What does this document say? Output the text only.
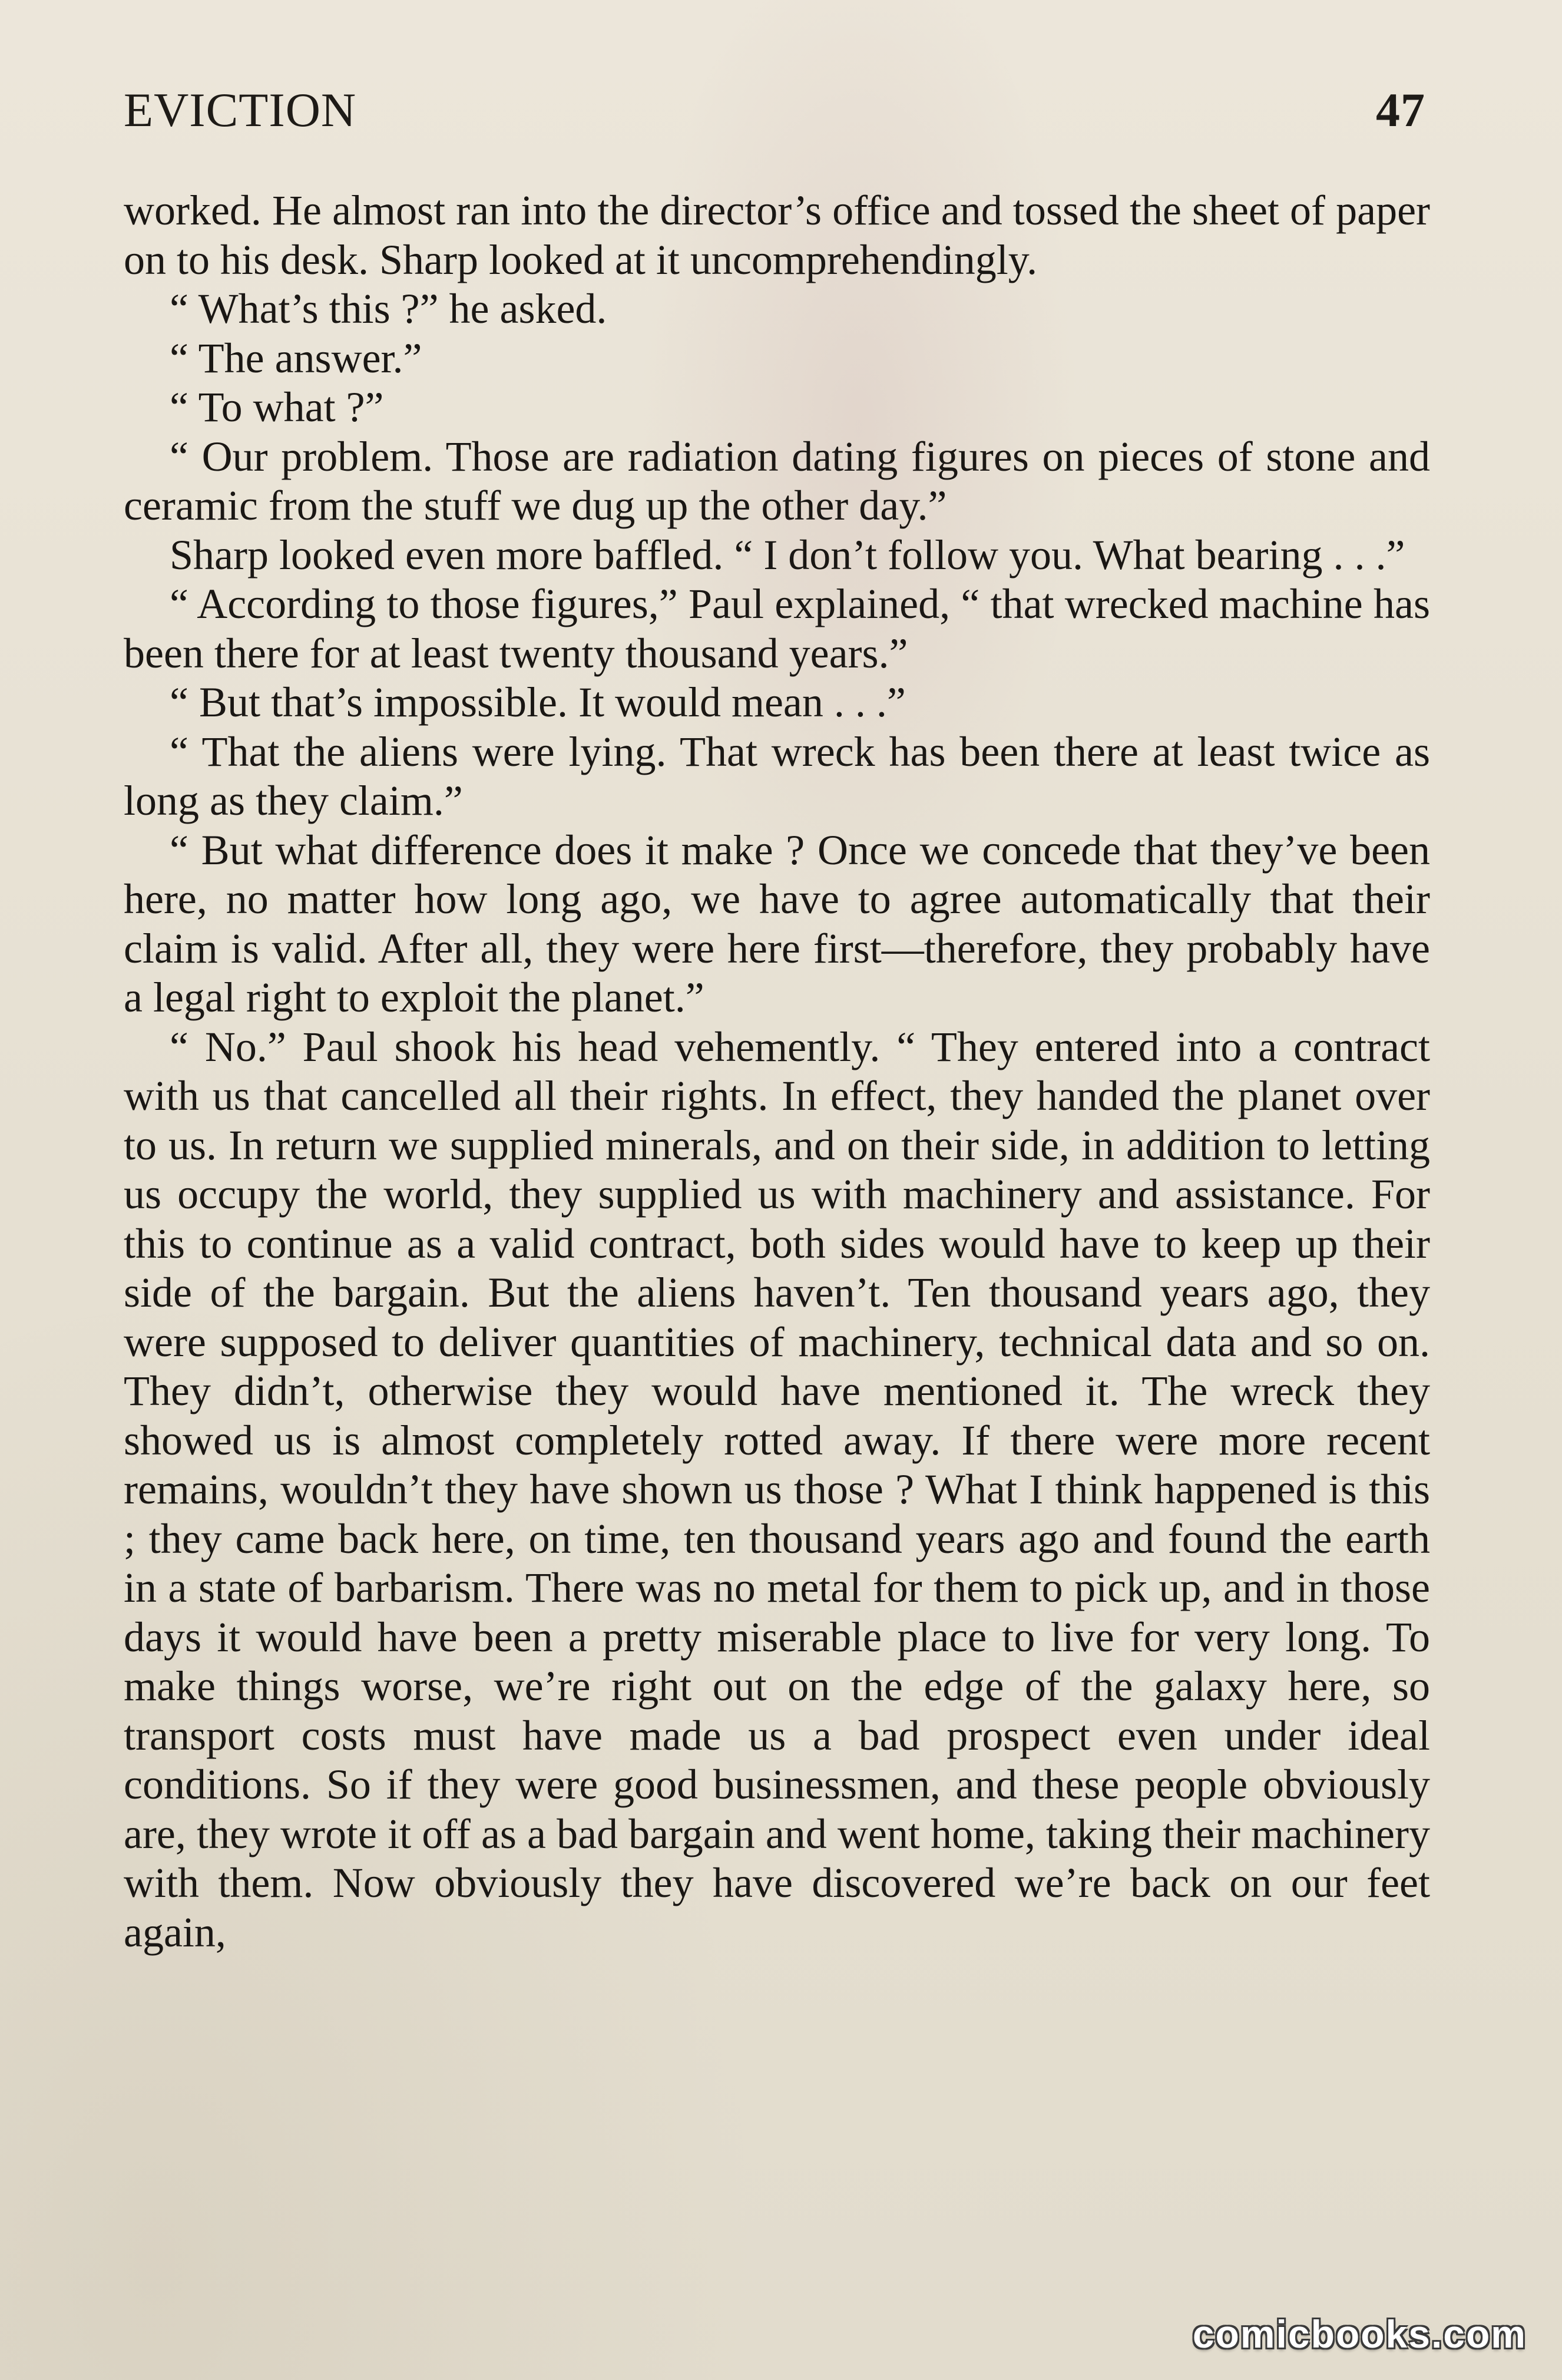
EVICTION	47

worked. He almost ran into the director’s office and tossed the sheet of paper on to his desk. Sharp looked at it uncomprehendingly.

“ What’s this ?” he asked.

“ The answer.”

“ To what ?”

“ Our problem. Those are radiation dating figures on pieces of stone and ceramic from the stuff we dug up the other day.”

Sharp looked even more baffled. “ I don’t follow you. What bearing . . .”

“ According to those figures,” Paul explained, “ that wrecked machine has been there for at least twenty thousand years.”

“ But that’s impossible. It would mean . . .”

“ That the aliens were lying. That wreck has been there at least twice as long as they claim.”

“ But what difference does it make ? Once we concede that they’ve been here, no matter how long ago, we have to agree automatically that their claim is valid. After all, they were here first—therefore, they probably have a legal right to exploit the planet.”

“ No.” Paul shook his head vehemently. “ They entered into a contract with us that cancelled all their rights. In effect, they handed the planet over to us. In return we supplied minerals, and on their side, in addition to letting us occupy the world, they supplied us with machinery and assistance. For this to continue as a valid contract, both sides would have to keep up their side of the bargain. But the aliens haven’t. Ten thousand years ago, they were supposed to deliver quantities of machinery, technical data and so on. They didn’t, otherwise they would have mentioned it. The wreck they showed us is almost completely rotted away. If there were more recent remains, wouldn’t they have shown us those ? What I think happened is this ; they came back here, on time, ten thousand years ago and found the earth in a state of barbarism. There was no metal for them to pick up, and in those days it would have been a pretty miserable place to live for very long. To make things worse, we’re right out on the edge of the galaxy here, so transport costs must have made us a bad prospect even under ideal conditions. So if they were good businessmen, and these people obviously are, they wrote it off as a bad bargain and went home, taking their machinery with them. Now obviously they have discovered we’re back on our feet again,

comicbooks.com
